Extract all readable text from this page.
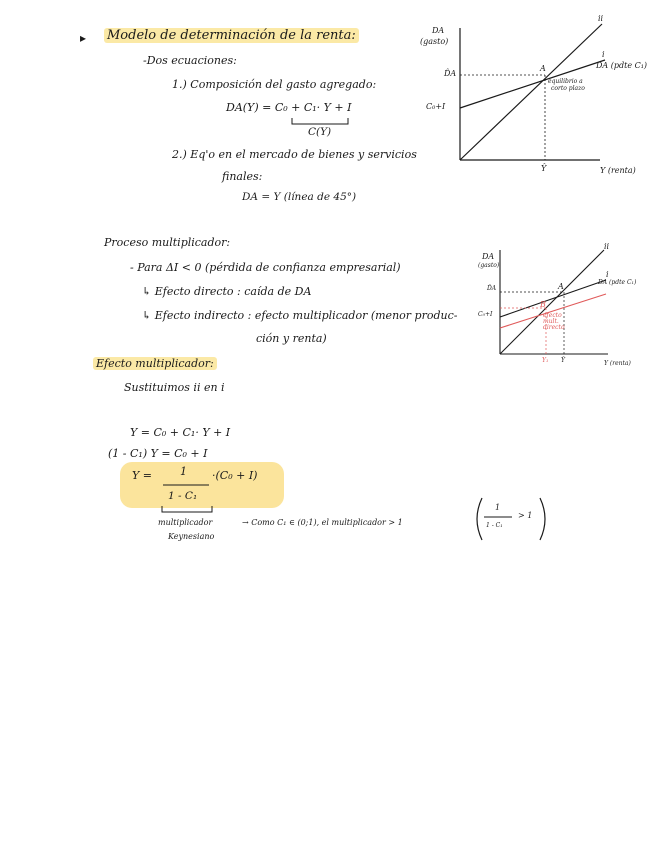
▸ Modelo de determinación de la renta:
-Dos ecuaciones:
1.) Composición del gasto agregado:
DA(Y) = C₀ + C₁· Y + I
C(Y)
2.) Eq'o en el mercado de bienes y servicios
finales:
DA = Y (línea de 45°)
DA
(gasto)
ii
i
DA (pdte C₁)
A
equilibrio a
corto plazo
C₀+I
D̂A
Ŷ	Y (renta)
Proceso multiplicador:
- Para ΔI < 0 (pérdida de confianza empresarial)
↳ Efecto directo : caída de DA
↳ Efecto indirecto : efecto multiplicador (menor produc-
ción y renta)
DA
(gasto)
ii
i
DA (pdte C₁)
A
B
D̂A
C₀+I	efecto
mult.
directo
Y₁ Ŷ	Y (renta)
Efecto multiplicador:
Sustituimos ii en i
Y = C₀ + C₁· Y + I
(1 - C₁) Y = C₀ + I
Y =	1
1 - C₁
·(C₀ + I)
multiplicador
Keynesiano
→ Como C₁ ∈ (0;1), el multiplicador > 1
1
1 - C₁
> 1
